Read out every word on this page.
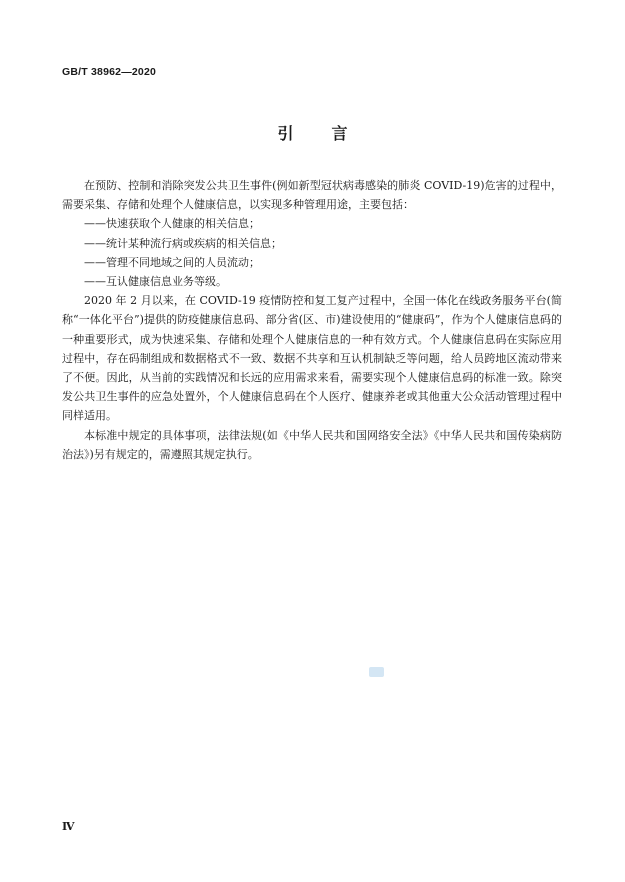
GB/T 38962—2020
引言

在预防、控制和消除突发公共卫生事件(例如新型冠状病毒感染的肺炎 COVID-19)危害的过程中，需要采集、存储和处理个人健康信息，以实现多种管理用途，主要包括：

——快速获取个人健康的相关信息；

——统计某种流行病或疾病的相关信息；

——管理不同地域之间的人员流动；

——互认健康信息业务等级。

2020 年 2 月以来，在 COVID-19 疫情防控和复工复产过程中，全国一体化在线政务服务平台(简称“一体化平台”)提供的防疫健康信息码、部分省(区、市)建设使用的“健康码”，作为个人健康信息码的一种重要形式，成为快速采集、存储和处理个人健康信息的一种有效方式。个人健康信息码在实际应用过程中，存在码制组成和数据格式不一致、数据不共享和互认机制缺乏等问题，给人员跨地区流动带来了不便。因此，从当前的实践情况和长远的应用需求来看，需要实现个人健康信息码的标准一致。除突发公共卫生事件的应急处置外，个人健康信息码在个人医疗、健康养老或其他重大公众活动管理过程中同样适用。

本标准中规定的具体事项，法律法规(如《中华人民共和国网络安全法》《中华人民共和国传染病防治法》)另有规定的，需遵照其规定执行。

Ⅳ
